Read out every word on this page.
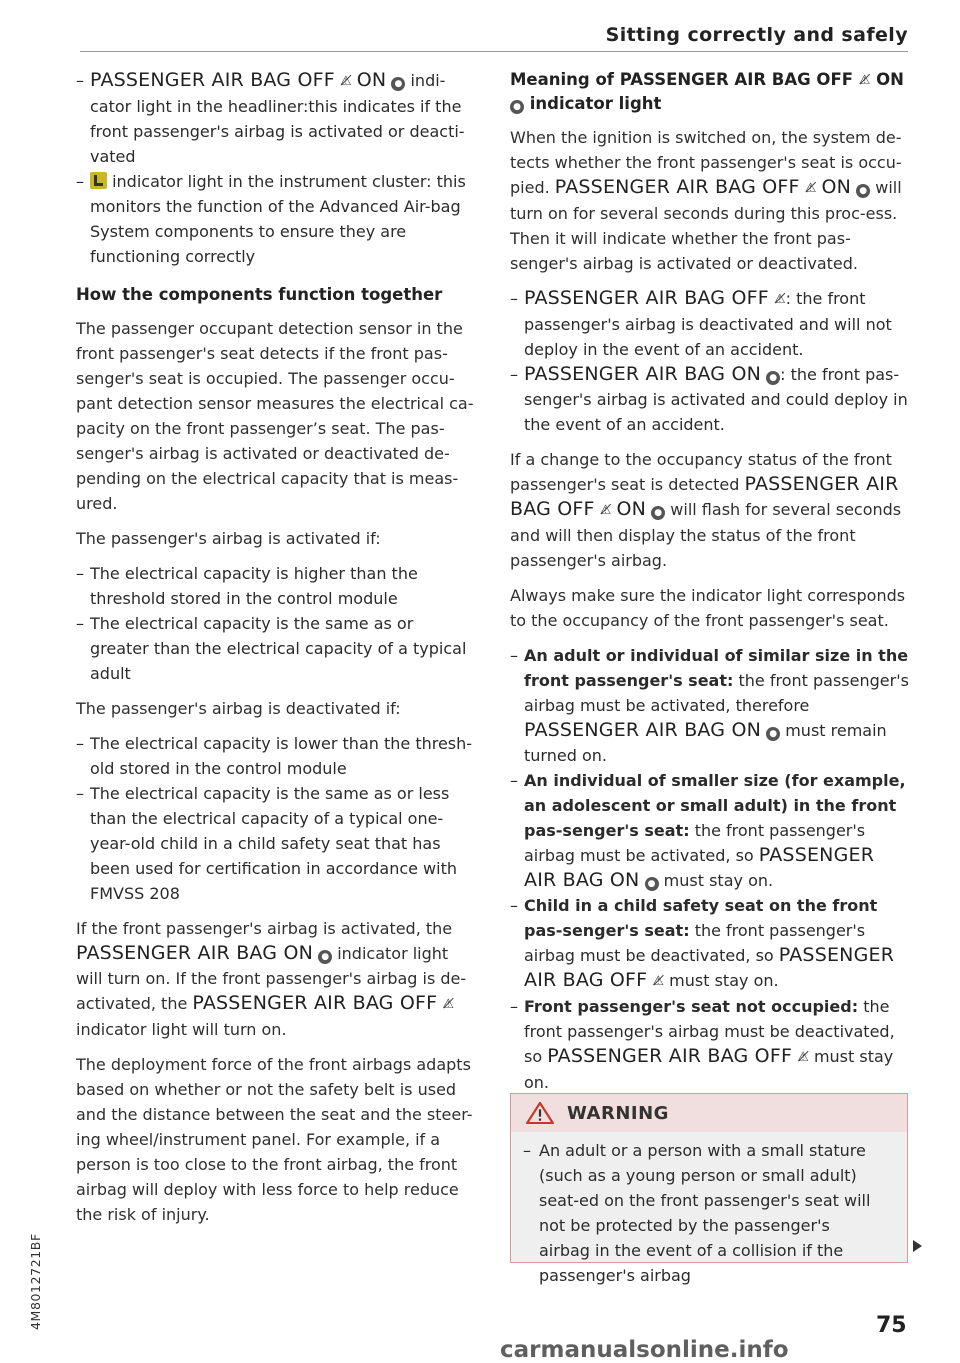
Sitting correctly and safely
4M8012721BF
– PASSENGER AIR BAG OFF ⚠̸ ON ● indi-cator light in the headliner:this indicates if the front passenger's airbag is activated or deacti-vated
– indicator light in the instrument cluster: this monitors the function of the Advanced Air-bag System components to ensure they are functioning correctly
How the components function together

The passenger occupant detection sensor in the front passenger's seat detects if the front pas-senger's seat is occupied. The passenger occu-pant detection sensor measures the electrical ca-pacity on the front passenger’s seat. The pas-senger's airbag is activated or deactivated de-pending on the electrical capacity that is meas-ured.

The passenger's airbag is activated if:

– The electrical capacity is higher than the threshold stored in the control module
– The electrical capacity is the same as or greater than the electrical capacity of a typical adult

The passenger's airbag is deactivated if:

– The electrical capacity is lower than the thresh-old stored in the control module
– The electrical capacity is the same as or less than the electrical capacity of a typical one-year-old child in a child safety seat that has been used for certification in accordance with FMVSS 208

If the front passenger's airbag is activated, the PASSENGER AIR BAG ON ● indicator light will turn on. If the front passenger's airbag is de-activated, the PASSENGER AIR BAG OFF ⚠̸ indicator light will turn on.

The deployment force of the front airbags adapts based on whether or not the safety belt is used and the distance between the seat and the steer-ing wheel/instrument panel. For example, if a person is too close to the front airbag, the front airbag will deploy with less force to help reduce the risk of injury.

Meaning of PASSENGER AIR BAG OFF ⚠̸ ON ● indicator light

When the ignition is switched on, the system de-tects whether the front passenger's seat is occu-pied. PASSENGER AIR BAG OFF ⚠̸ ON ● will turn on for several seconds during this proc-ess. Then it will indicate whether the front pas-senger's airbag is activated or deactivated.

– PASSENGER AIR BAG OFF ⚠̸: the front passenger's airbag is deactivated and will not deploy in the event of an accident.
– PASSENGER AIR BAG ON ● : the front pas-senger's airbag is activated and could deploy in the event of an accident.

If a change to the occupancy status of the front passenger's seat is detected PASSENGER AIR BAG OFF ⚠̸ ON ● will flash for several seconds and will then display the status of the front passenger's airbag.

Always make sure the indicator light corresponds to the occupancy of the front passenger's seat.

– An adult or individual of similar size in the front passenger's seat: the front passenger's airbag must be activated, therefore PASSENGER AIR BAG ON ● must remain turned on.
– An individual of smaller size (for example, an adolescent or small adult) in the front pas-senger's seat: the front passenger's airbag must be activated, so PASSENGER AIR BAG ON ● must stay on.
– Child in a child safety seat on the front pas-senger's seat: the front passenger's airbag must be deactivated, so PASSENGER AIR BAG OFF ⚠̸ must stay on.
– Front passenger's seat not occupied: the front passenger's airbag must be deactivated, so PASSENGER AIR BAG OFF ⚠̸ must stay on.
WARNING
– An adult or a person with a small stature (such as a young person or small adult) seat-ed on the front passenger's seat will not be protected by the passenger's airbag in the event of a collision if the passenger's airbag
75
carmanualsonline.info
